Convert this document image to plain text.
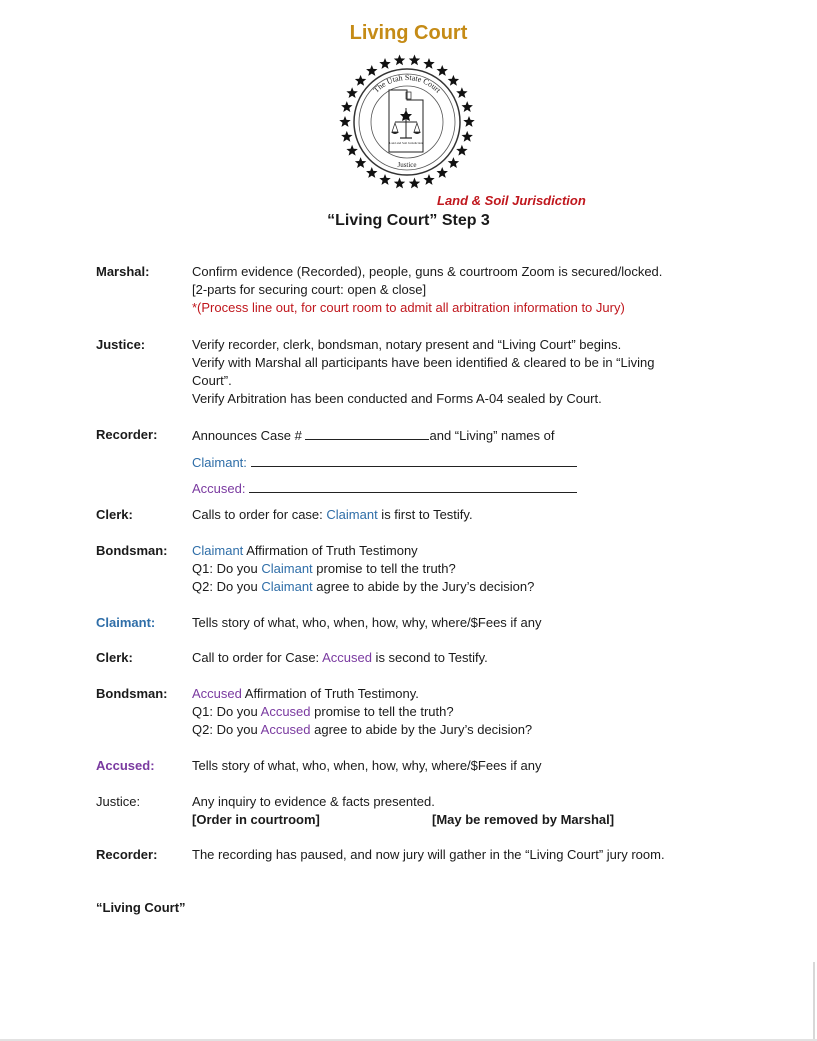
Living Court
Land and Soil Jurisdiction
The Utah State Court
Justice
Land & Soil Jurisdiction
“Living Court” Step 3
Marshal:	Confirm evidence (Recorded), people, guns & courtroom Zoom is secured/locked.
[2-parts for securing court: open & close]
*(Process line out, for court room to admit all arbitration information to Jury)
Justice:	Verify recorder, clerk, bondsman, notary present and “Living Court” begins.
Verify with Marshal all participants have been identified & cleared to be in “Living Court”.
Verify Arbitration has been conducted and Forms A-04 sealed by Court.
Recorder:	Announces Case #	and “Living” names of
Claimant:
Accused:
Clerk:	Calls to order for case: Claimant is first to Testify.
Bondsman:	Claimant Affirmation of Truth Testimony
Q1: Do you Claimant promise to tell the truth?
Q2: Do you Claimant agree to abide by the Jury’s decision?
Claimant:	Tells story of what, who, when, how, why, where/$Fees if any
Clerk:	Call to order for Case: Accused is second to Testify.
Bondsman:	Accused Affirmation of Truth Testimony.
Q1: Do you Accused promise to tell the truth?
Q2: Do you Accused agree to abide by the Jury’s decision?
Accused:	Tells story of what, who, when, how, why, where/$Fees if any
Justice:	Any inquiry to evidence & facts presented.
[Order in courtroom]	[May be removed by Marshal]
Recorder:	The recording has paused, and now jury will gather in the “Living Court” jury room.
“Living Court”
